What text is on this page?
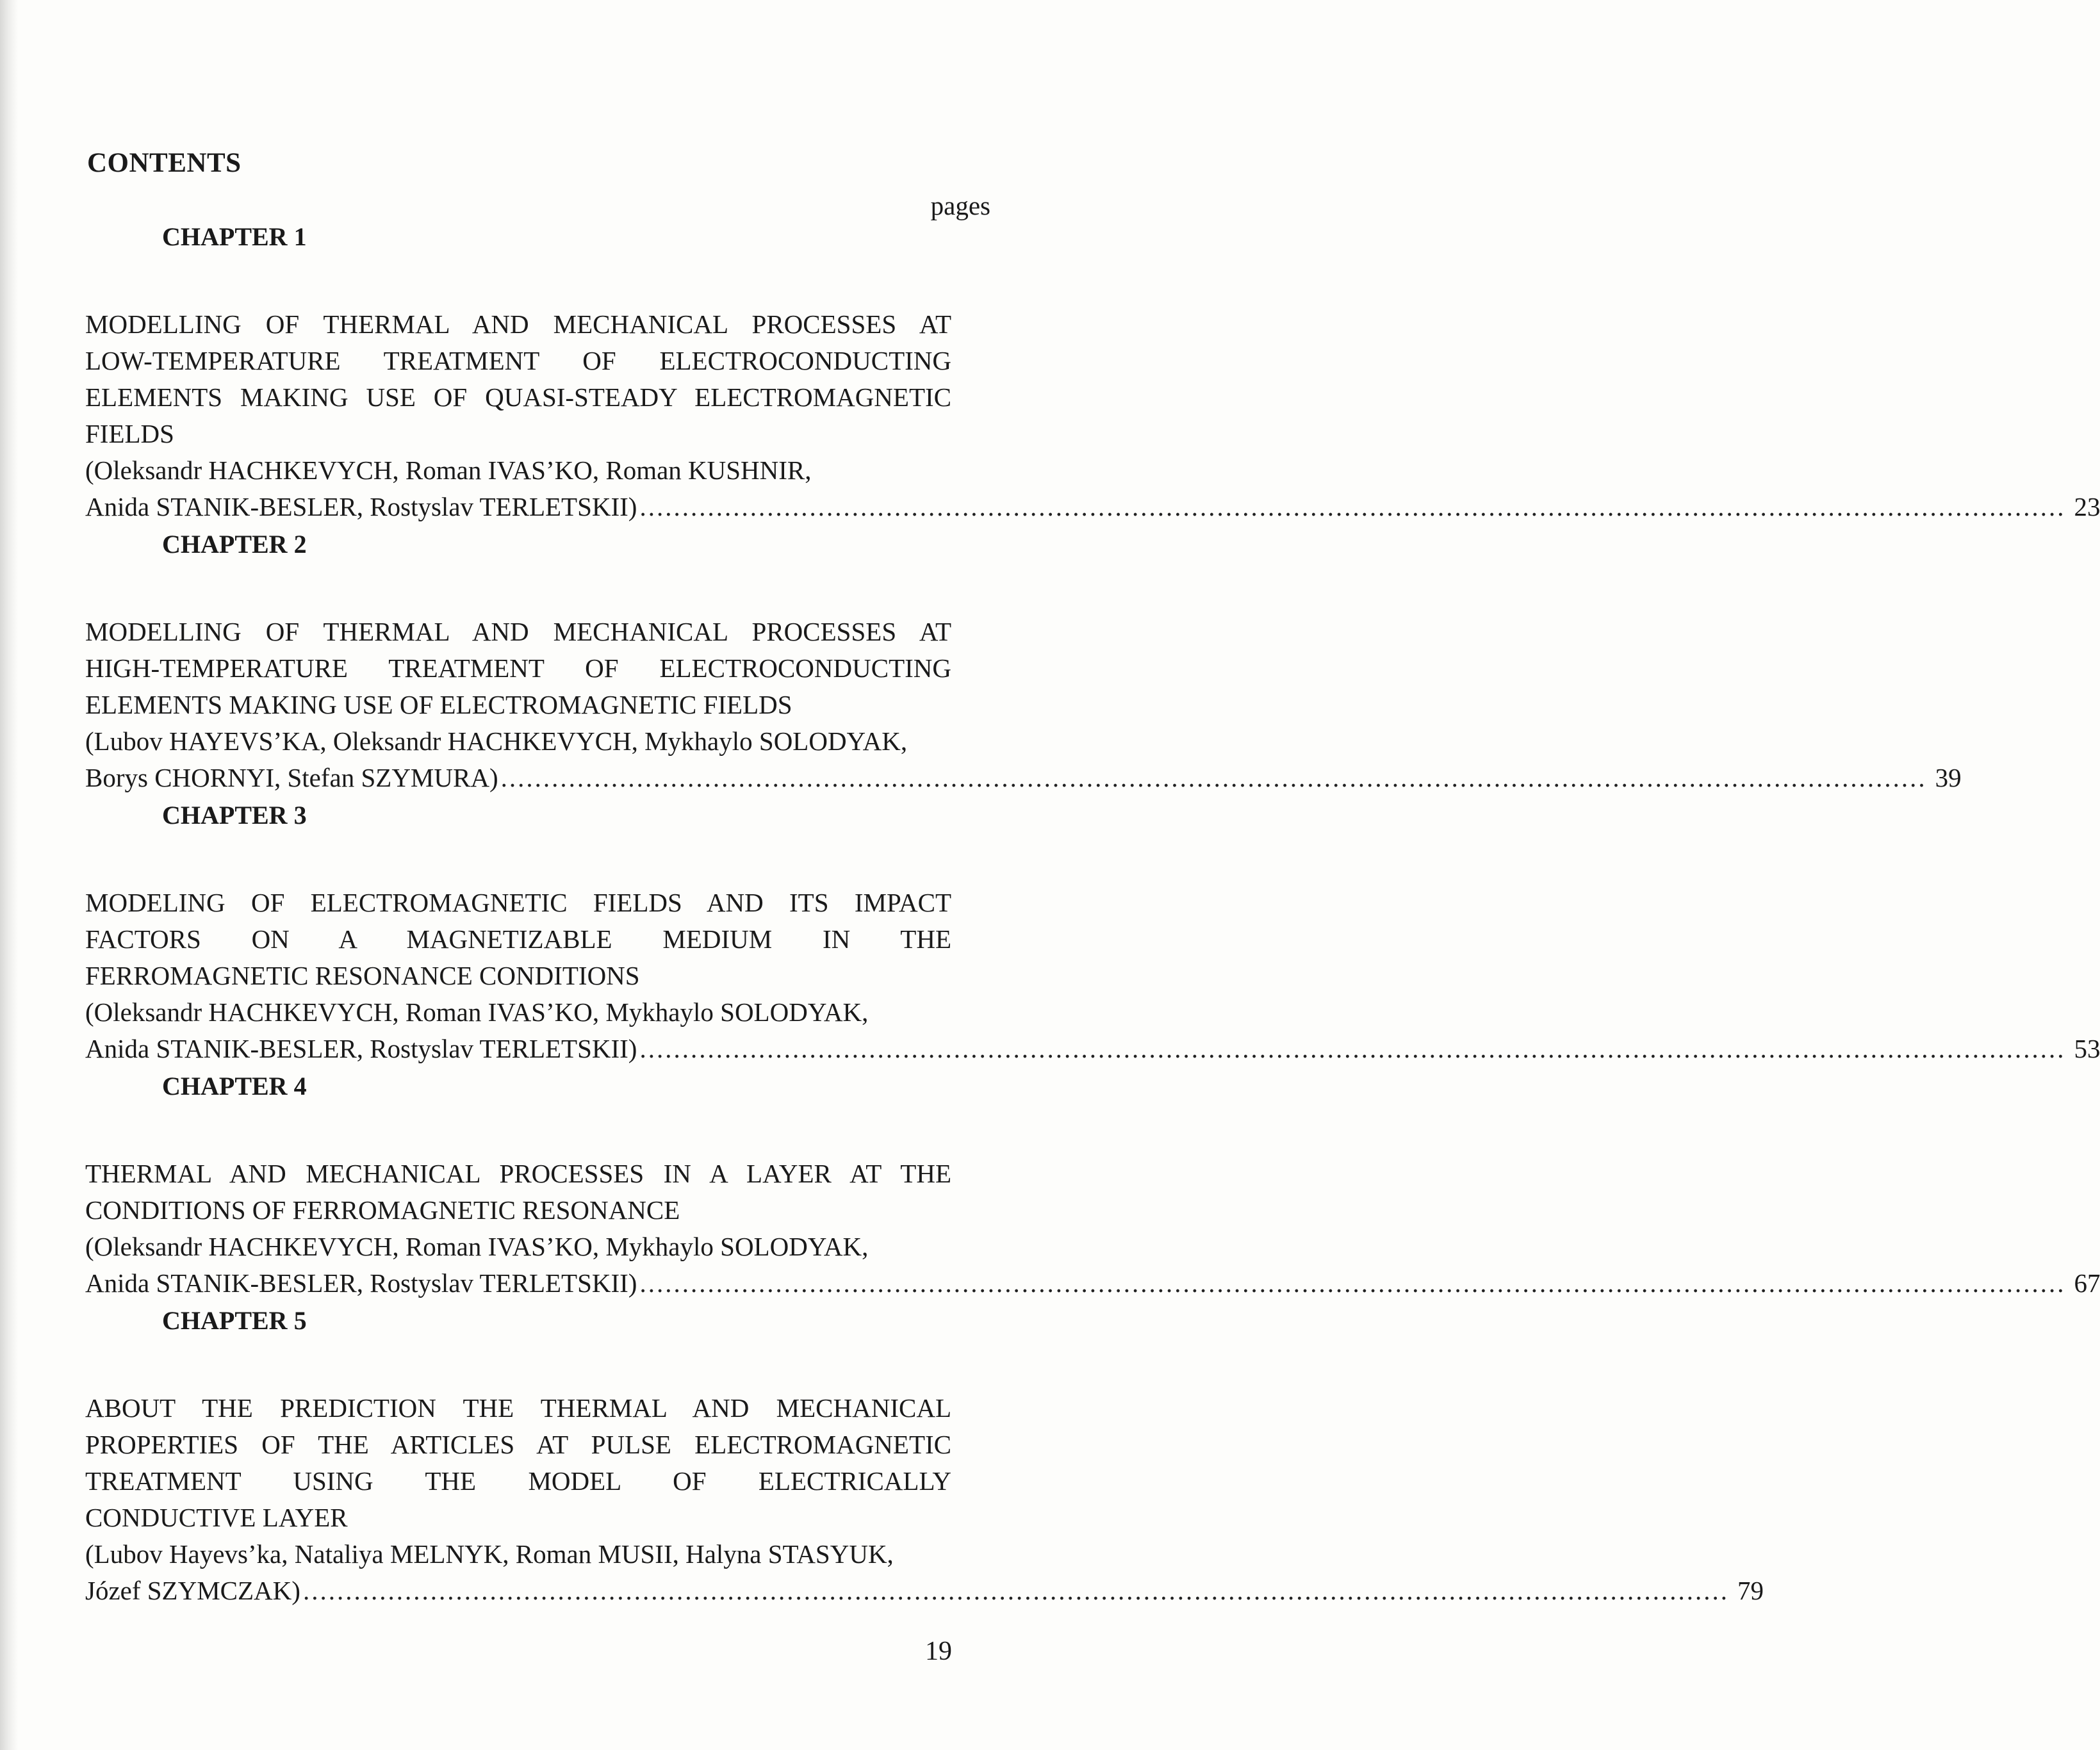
CONTENTS
pages
CHAPTER 1
MODELLING OF THERMAL AND MECHANICAL PROCESSES AT
LOW-TEMPERATURE TREATMENT OF ELECTROCONDUCTING
ELEMENTS MAKING USE OF QUASI-STEADY ELECTROMAGNETIC
FIELDS
(Oleksandr HACHKEVYCH, Roman IVAS’KO, Roman KUSHNIR,
Anida STANIK-BESLER, Rostyslav TERLETSKII) ........................................................................................................................................................................ 23
CHAPTER 2
MODELLING OF THERMAL AND MECHANICAL PROCESSES AT
HIGH-TEMPERATURE TREATMENT OF ELECTROCONDUCTING
ELEMENTS MAKING USE OF ELECTROMAGNETIC FIELDS
(Lubov HAYEVS’KA, Oleksandr HACHKEVYCH, Mykhaylo SOLODYAK,
Borys CHORNYI, Stefan SZYMURA) ........................................................................................................................................................................ 39
CHAPTER 3
MODELING OF ELECTROMAGNETIC FIELDS AND ITS IMPACT
FACTORS ON A MAGNETIZABLE MEDIUM IN THE
FERROMAGNETIC RESONANCE CONDITIONS
(Oleksandr HACHKEVYCH, Roman IVAS’KO, Mykhaylo SOLODYAK,
Anida STANIK-BESLER, Rostyslav TERLETSKII) ........................................................................................................................................................................ 53
CHAPTER 4
THERMAL AND MECHANICAL PROCESSES IN A LAYER AT THE
CONDITIONS OF FERROMAGNETIC RESONANCE
(Oleksandr HACHKEVYCH, Roman IVAS’KO, Mykhaylo SOLODYAK,
Anida STANIK-BESLER, Rostyslav TERLETSKII) ........................................................................................................................................................................ 67
CHAPTER 5
ABOUT THE PREDICTION THE THERMAL AND MECHANICAL
PROPERTIES OF THE ARTICLES AT PULSE ELECTROMAGNETIC
TREATMENT USING THE MODEL OF ELECTRICALLY
CONDUCTIVE LAYER
(Lubov Hayevs’ka, Nataliya MELNYK, Roman MUSII, Halyna STASYUK,
Józef SZYMCZAK) ........................................................................................................................................................................ 79
19
